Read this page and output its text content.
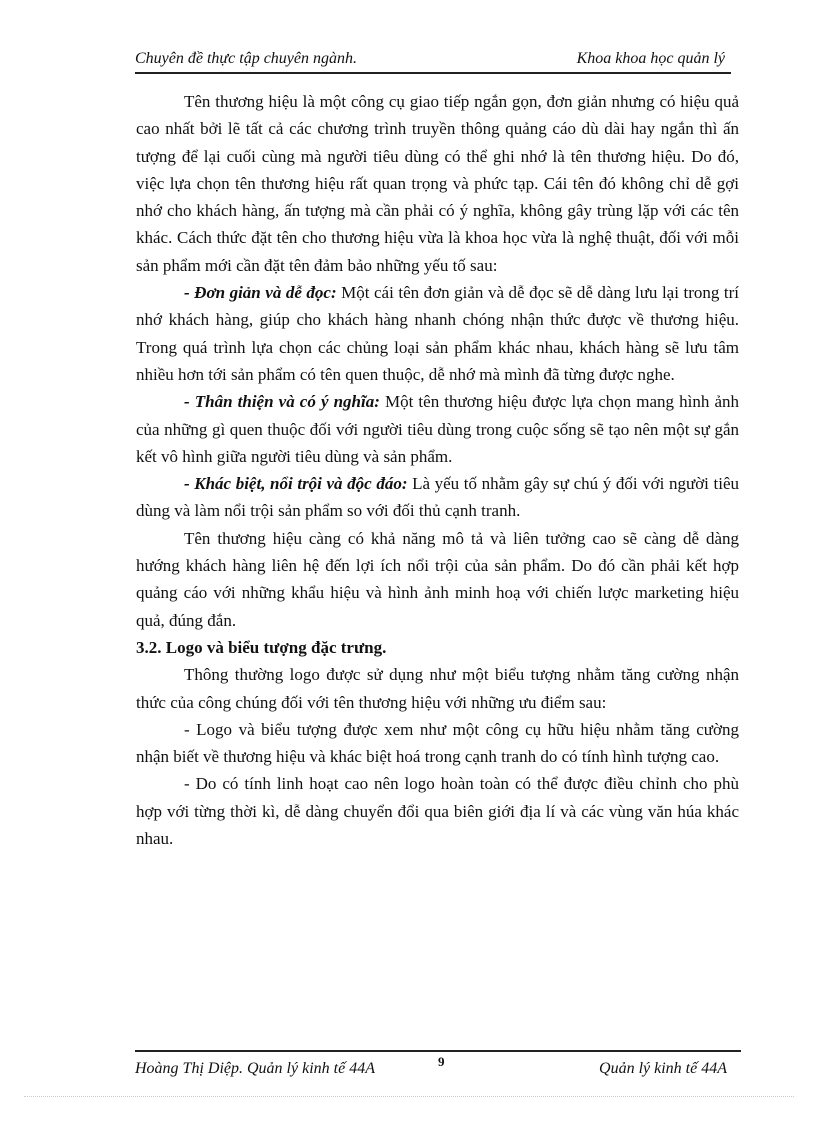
Chuyên đề thực tập chuyên ngành.	Khoa khoa học quản lý

Tên thương hiệu là một công cụ giao tiếp ngắn gọn, đơn giản nhưng có hiệu quả cao nhất bởi lẽ tất cả các chương trình truyền thông quảng cáo dù dài hay ngắn thì ấn tượng để lại cuối cùng mà người tiêu dùng có thể ghi nhớ là tên thương hiệu. Do đó, việc lựa chọn tên thương hiệu rất quan trọng và phức tạp. Cái tên đó không chỉ dễ gợi nhớ cho khách hàng, ấn tượng mà cần phải có ý nghĩa, không gây trùng lặp với các tên khác. Cách thức đặt tên cho thương hiệu vừa là khoa học vừa là nghệ thuật, đối với mỗi sản phẩm mới cần đặt tên đảm bảo những yếu tố sau:

- Đơn giản và dễ đọc: Một cái tên đơn giản và dễ đọc sẽ dễ dàng lưu lại trong trí nhớ khách hàng, giúp cho khách hàng nhanh chóng nhận thức được về thương hiệu. Trong quá trình lựa chọn các chủng loại sản phẩm khác nhau, khách hàng sẽ lưu tâm nhiều hơn tới sản phẩm có tên quen thuộc, dễ nhớ mà mình đã từng được nghe.

- Thân thiện và có ý nghĩa: Một tên thương hiệu được lựa chọn mang hình ảnh của những gì quen thuộc đối với người tiêu dùng trong cuộc sống sẽ tạo nên một sự gắn kết vô hình giữa người tiêu dùng và sản phẩm.

- Khác biệt, nổi trội và độc đáo: Là yếu tố nhằm gây sự chú ý đối với người tiêu dùng và làm nổi trội sản phẩm so với đối thủ cạnh tranh.

Tên thương hiệu càng có khả năng mô tả và liên tưởng cao sẽ càng dễ dàng hướng khách hàng liên hệ đến lợi ích nổi trội của sản phẩm. Do đó cần phải kết hợp quảng cáo với những khẩu hiệu và hình ảnh minh hoạ với chiến lược marketing hiệu quả, đúng đắn.

3.2. Logo và biểu tượng đặc trưng.

Thông thường logo được sử dụng như một biểu tượng nhằm tăng cường nhận thức của công chúng đối với tên thương hiệu với những ưu điểm sau:

- Logo và biểu tượng được xem như một công cụ hữu hiệu nhằm tăng cường nhận biết về thương hiệu và khác biệt hoá trong cạnh tranh do có tính hình tượng cao.

- Do có tính linh hoạt cao nên logo hoàn toàn có thể được điều chỉnh cho phù hợp với từng thời kì, dễ dàng chuyển đổi qua biên giới địa lí và các vùng văn húa khác nhau.

Hoàng Thị Diệp. Quản lý kinh tế 44A	9	Quản lý kinh tế 44A
